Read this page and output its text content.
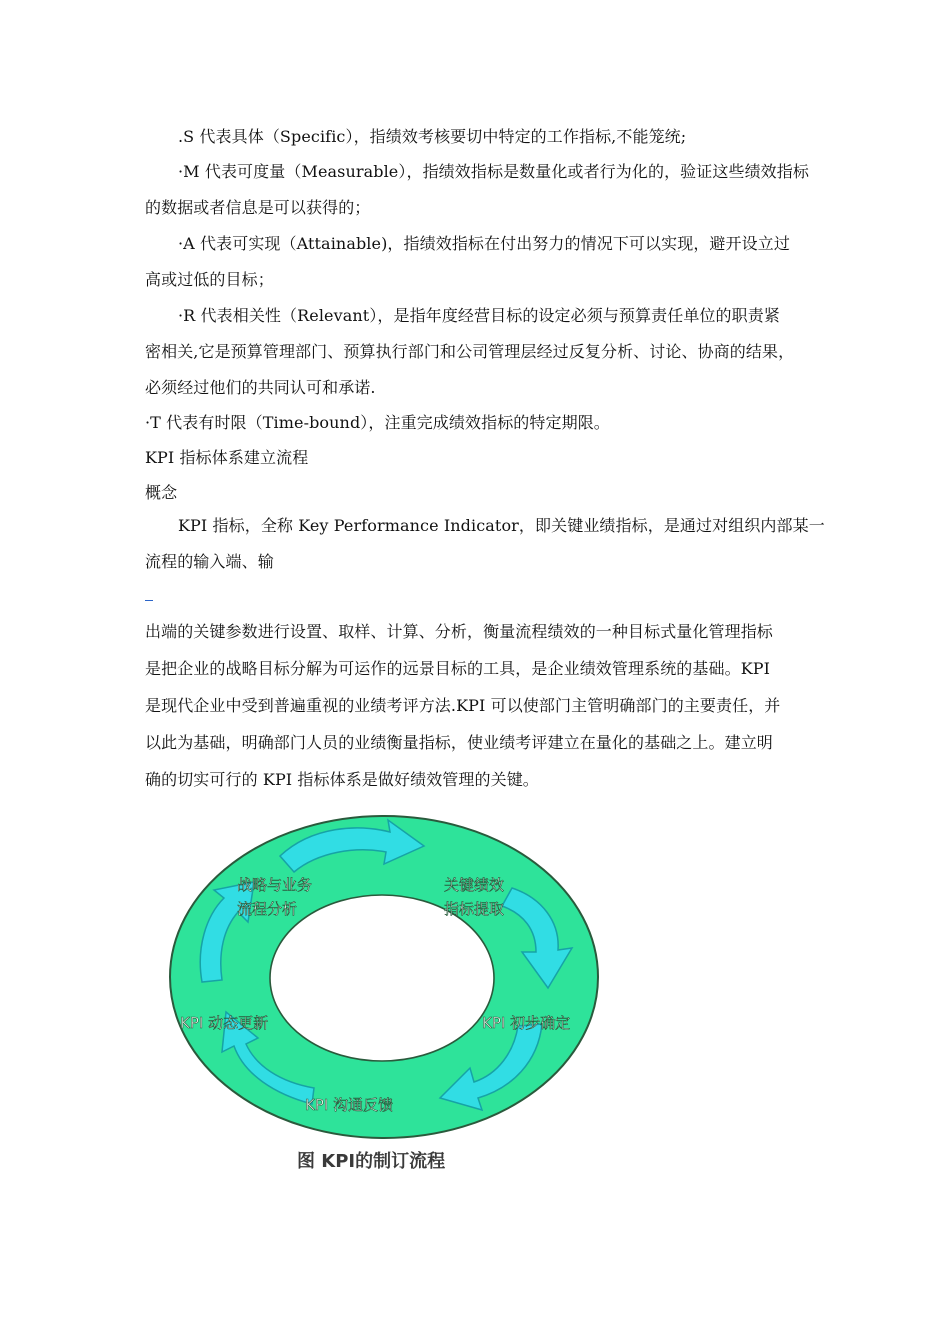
.S 代表具体（Specific），指绩效考核要切中特定的工作指标,不能笼统;
·M 代表可度量（Measurable），指绩效指标是数量化或者行为化的，验证这些绩效指标
的数据或者信息是可以获得的；
·A 代表可实现（Attainable)，指绩效指标在付出努力的情况下可以实现，避开设立过
高或过低的目标；
·R 代表相关性（Relevant），是指年度经营目标的设定必须与预算责任单位的职责紧
密相关,它是预算管理部门、预算执行部门和公司管理层经过反复分析、讨论、协商的结果，
必须经过他们的共同认可和承诺.
·T 代表有时限（Time-bound），注重完成绩效指标的特定期限。
KPI 指标体系建立流程
概念
KPI 指标，全称 Key Performance Indicator，即关键业绩指标，是通过对组织内部某一
流程的输入端、输
出端的关键参数进行设置、取样、计算、分析，衡量流程绩效的一种目标式量化管理指标
是把企业的战略目标分解为可运作的远景目标的工具，是企业绩效管理系统的基础。KPI
是现代企业中受到普遍重视的业绩考评方法.KPI 可以使部门主管明确部门的主要责任，并
以此为基础，明确部门人员的业绩衡量指标，使业绩考评建立在量化的基础之上。建立明
确的切实可行的 KPI 指标体系是做好绩效管理的关键。
战略与业务
流程分析
关键绩效
指标提取
KPI 初步确定
KPI 沟通反馈
KPI 动态更新
图 KPI的制订流程
